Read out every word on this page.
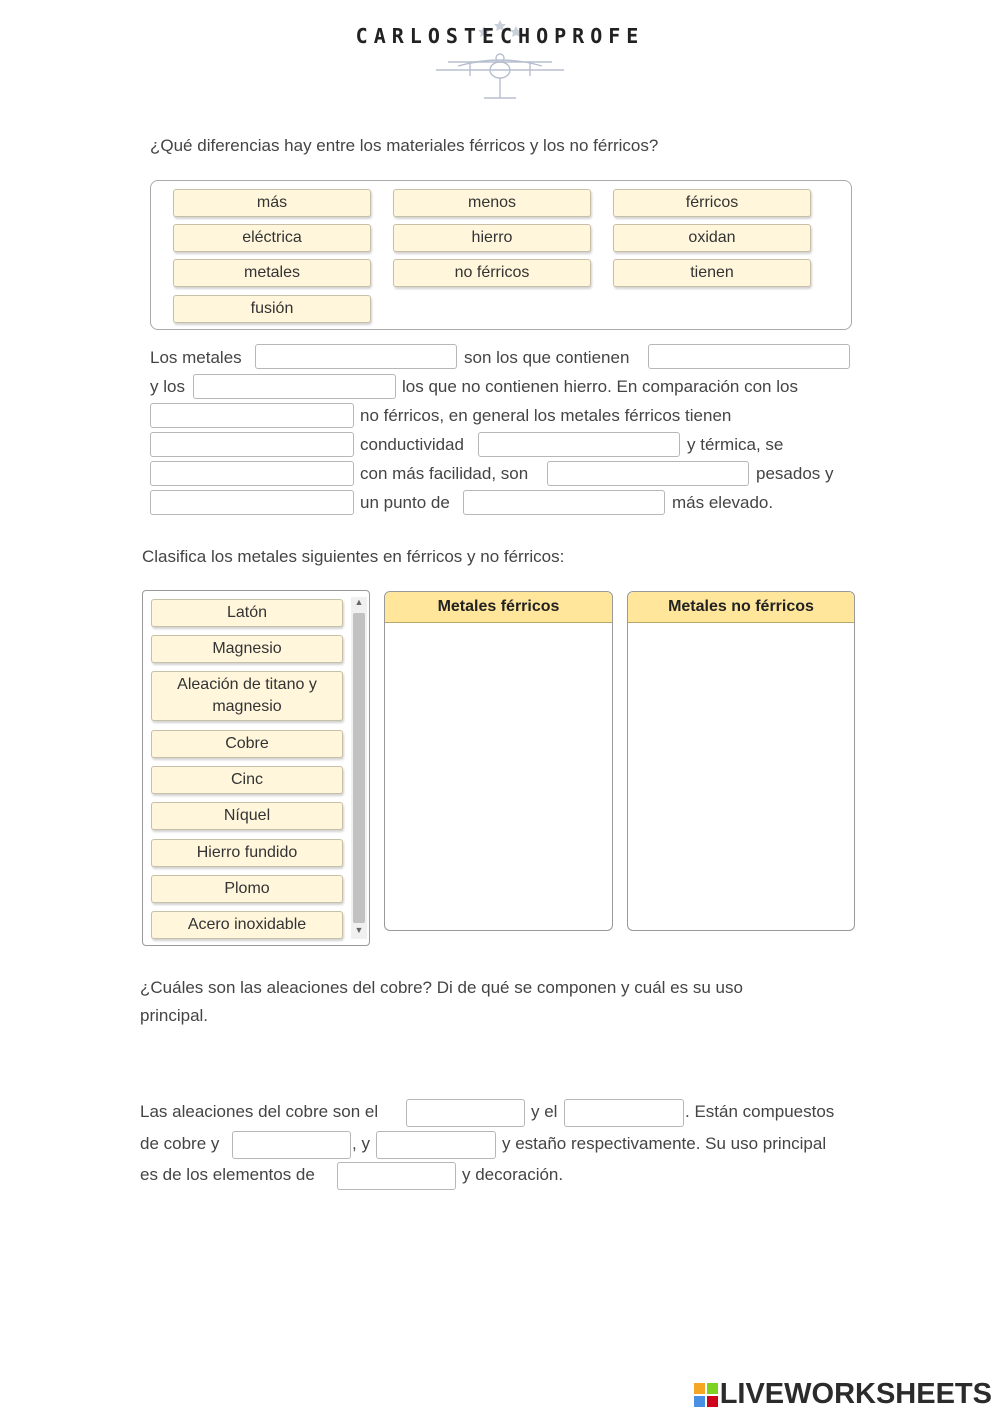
CARLOSTECHOPROFE
¿Qué diferencias hay entre los materiales férricos y los no férricos?
más	menos	férricos
eléctrica	hierro	oxidan
metales	no férricos	tienen
fusión
Los metales	son los que contienen
y los	los que no contienen hierro. En comparación con los
no férricos, en general los metales férricos tienen
conductividad	y térmica, se
con más facilidad, son	pesados y
un punto de	más elevado.
Clasifica los metales siguientes en férricos y no férricos:
Latón
Magnesio
Aleación de titano y magnesio
Cobre
Cinc
Níquel
Hierro fundido
Plomo
Acero inoxidable
▲
▼
Metales férricos	Metales no férricos
¿Cuáles son las aleaciones del cobre? Di de qué se componen y cuál es su uso
principal.
Las aleaciones del cobre son el	y el	. Están compuestos
de cobre y	, y	y estaño respectivamente. Su uso principal
es de los elementos de	y decoración.
LIVEWORKSHEETS
